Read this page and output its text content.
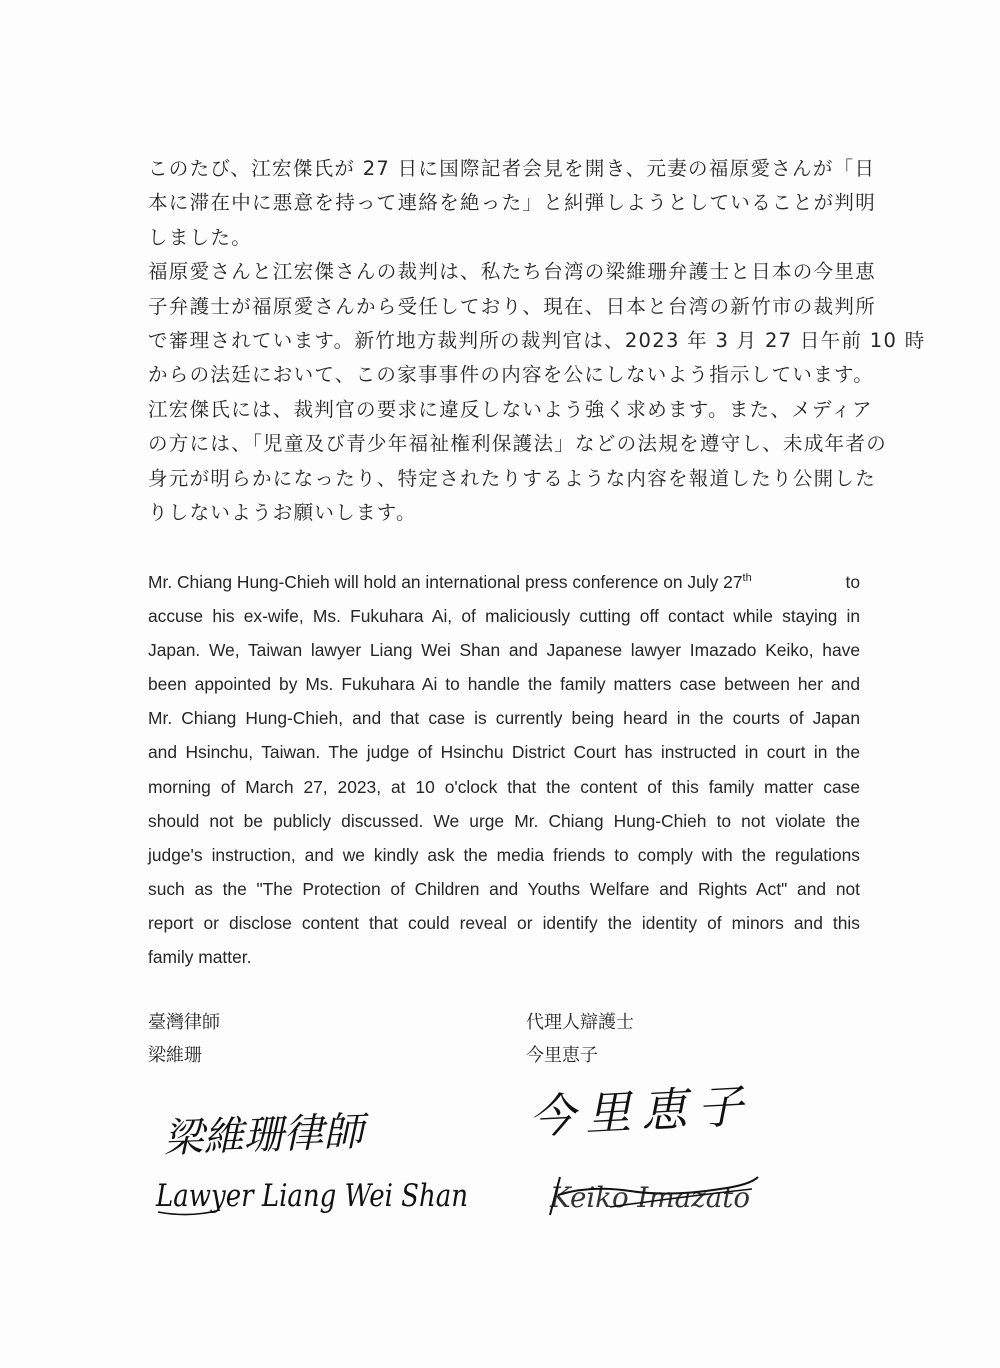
このたび、江宏傑氏が 27 日に国際記者会見を開き、元妻の福原愛さんが「日
本に滞在中に悪意を持って連絡を絶った」と糾弾しようとしていることが判明
しました。
福原愛さんと江宏傑さんの裁判は、私たち台湾の梁維珊弁護士と日本の今里恵
子弁護士が福原愛さんから受任しており、現在、日本と台湾の新竹市の裁判所
で審理されています。新竹地方裁判所の裁判官は、2023 年 3 月 27 日午前 10 時
からの法廷において、この家事事件の内容を公にしないよう指示しています。
江宏傑氏には、裁判官の要求に違反しないよう強く求めます。また、メディア
の方には、「児童及び青少年福祉権利保護法」などの法規を遵守し、未成年者の
身元が明らかになったり、特定されたりするような内容を報道したり公開した
りしないようお願いします。
Mr. Chiang Hung-Chieh will hold an international press conference on July 27th	to
accuse his ex-wife, Ms. Fukuhara Ai, of maliciously cutting off contact while staying in
Japan. We, Taiwan lawyer Liang Wei Shan and Japanese lawyer Imazado Keiko, have
been appointed by Ms. Fukuhara Ai to handle the family matters case between her and
Mr. Chiang Hung-Chieh, and that case is currently being heard in the courts of Japan
and Hsinchu, Taiwan. The judge of Hsinchu District Court has instructed in court in the
morning of March 27, 2023, at 10 o'clock that the content of this family matter case
should not be publicly discussed. We urge Mr. Chiang Hung-Chieh to not violate the
judge's instruction, and we kindly ask the media friends to comply with the regulations
such as the "The Protection of Children and Youths Welfare and Rights Act" and not
report or disclose content that could reveal or identify the identity of minors and this
family matter.
臺灣律師
梁維珊
代理人辯護士
今里恵子
梁維珊律師
Lawyer Liang Wei Shan
今里恵子
Keiko Imazato
